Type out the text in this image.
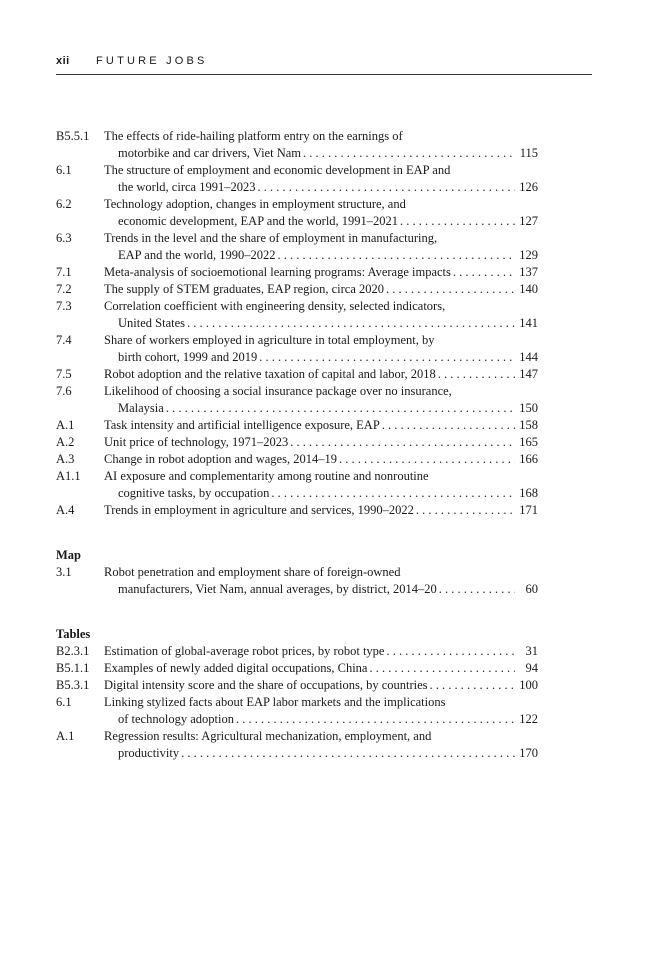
xii FUTURE JOBS
B5.5.1 The effects of ride-hailing platform entry on the earnings of
motorbike and car drivers, Viet Nam . . .	115
6.1	The structure of employment and economic development in EAP and
the world, circa 1991–2023 . . .	126
6.2	Technology adoption, changes in employment structure, and
economic development, EAP and the world, 1991–2021 . . .	127
6.3	Trends in the level and the share of employment in manufacturing,
EAP and the world, 1990–2022 . . .	129
7.1	Meta-analysis of socioemotional learning programs: Average impacts . . .	137
7.2	The supply of STEM graduates, EAP region, circa 2020 . . .	140
7.3	Correlation coefficient with engineering density, selected indicators,
United States . . .	141
7.4	Share of workers employed in agriculture in total employment, by
birth cohort, 1999 and 2019 . . .	144
7.5	Robot adoption and the relative taxation of capital and labor, 2018 . . .	147
7.6	Likelihood of choosing a social insurance package over no insurance,
Malaysia . . .	150
A.1 Task intensity and artificial intelligence exposure, EAP . . .	158
A.2 Unit price of technology, 1971–2023 . . .	165
A.3 Change in robot adoption and wages, 2014–19 . . .	166
A1.1 AI exposure and complementarity among routine and nonroutine
cognitive tasks, by occupation . . .	168
A.4 Trends in employment in agriculture and services, 1990–2022 . . .	171
Map
3.1	Robot penetration and employment share of foreign-owned
manufacturers, Viet Nam, annual averages, by district, 2014–20 . . .	60
Tables
B2.3.1 Estimation of global-average robot prices, by robot type . . .	31
B5.1.1 Examples of newly added digital occupations, China . . .	94
B5.3.1 Digital intensity score and the share of occupations, by countries . . .	100
6.1	Linking stylized facts about EAP labor markets and the implications
of technology adoption . . .	122
A.1 Regression results: Agricultural mechanization, employment, and
productivity . . .	170
